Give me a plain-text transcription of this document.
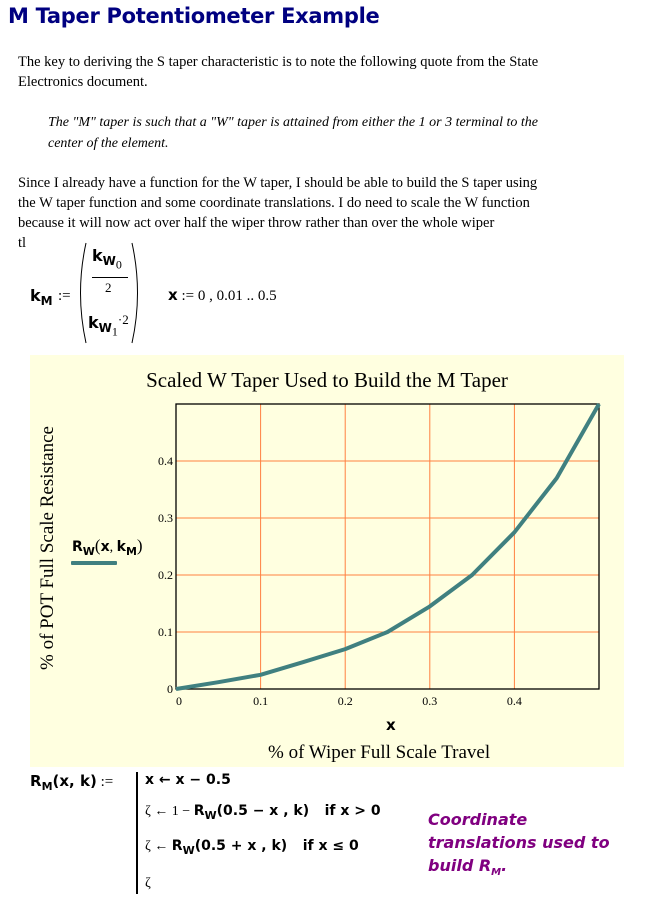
M Taper Potentiometer Example
The key to deriving the S taper characteristic is to note the following quote from the State
Electronics document.
The "M" taper is such that a "W" taper is attained from either the 1 or 3 terminal to the
center of the element.
Since I already have a function for the W taper, I should be able to build the S taper using
the W taper function and some coordinate translations. I do need to scale the W function
because it will now act over half the wiper throw rather than over the whole wiper
tl
$k_M$ :=
$k_{W_0}$
2
$k_{W_1}^{\cdot 2}$
x := 0 , 0.01 .. 0.5
Scaled W Taper Used to Build the M Taper
% of POT Full Scale Resistance $R_W(x$, $k_M$)
0
0.1
0.2
0.3
0.4
0	0.1	0.2	0.3	0.4
x
% of Wiper Full Scale Travel
$R_M(x$, k) := x ← x − 0.5
ζ ← $1 - R_W(0.5 - x$ , k) if x > 0
ζ ← $R_W(0.5 + x$ , k) if x ≤ 0
ζ
Coordinate
translations used to
build $R_M$.
